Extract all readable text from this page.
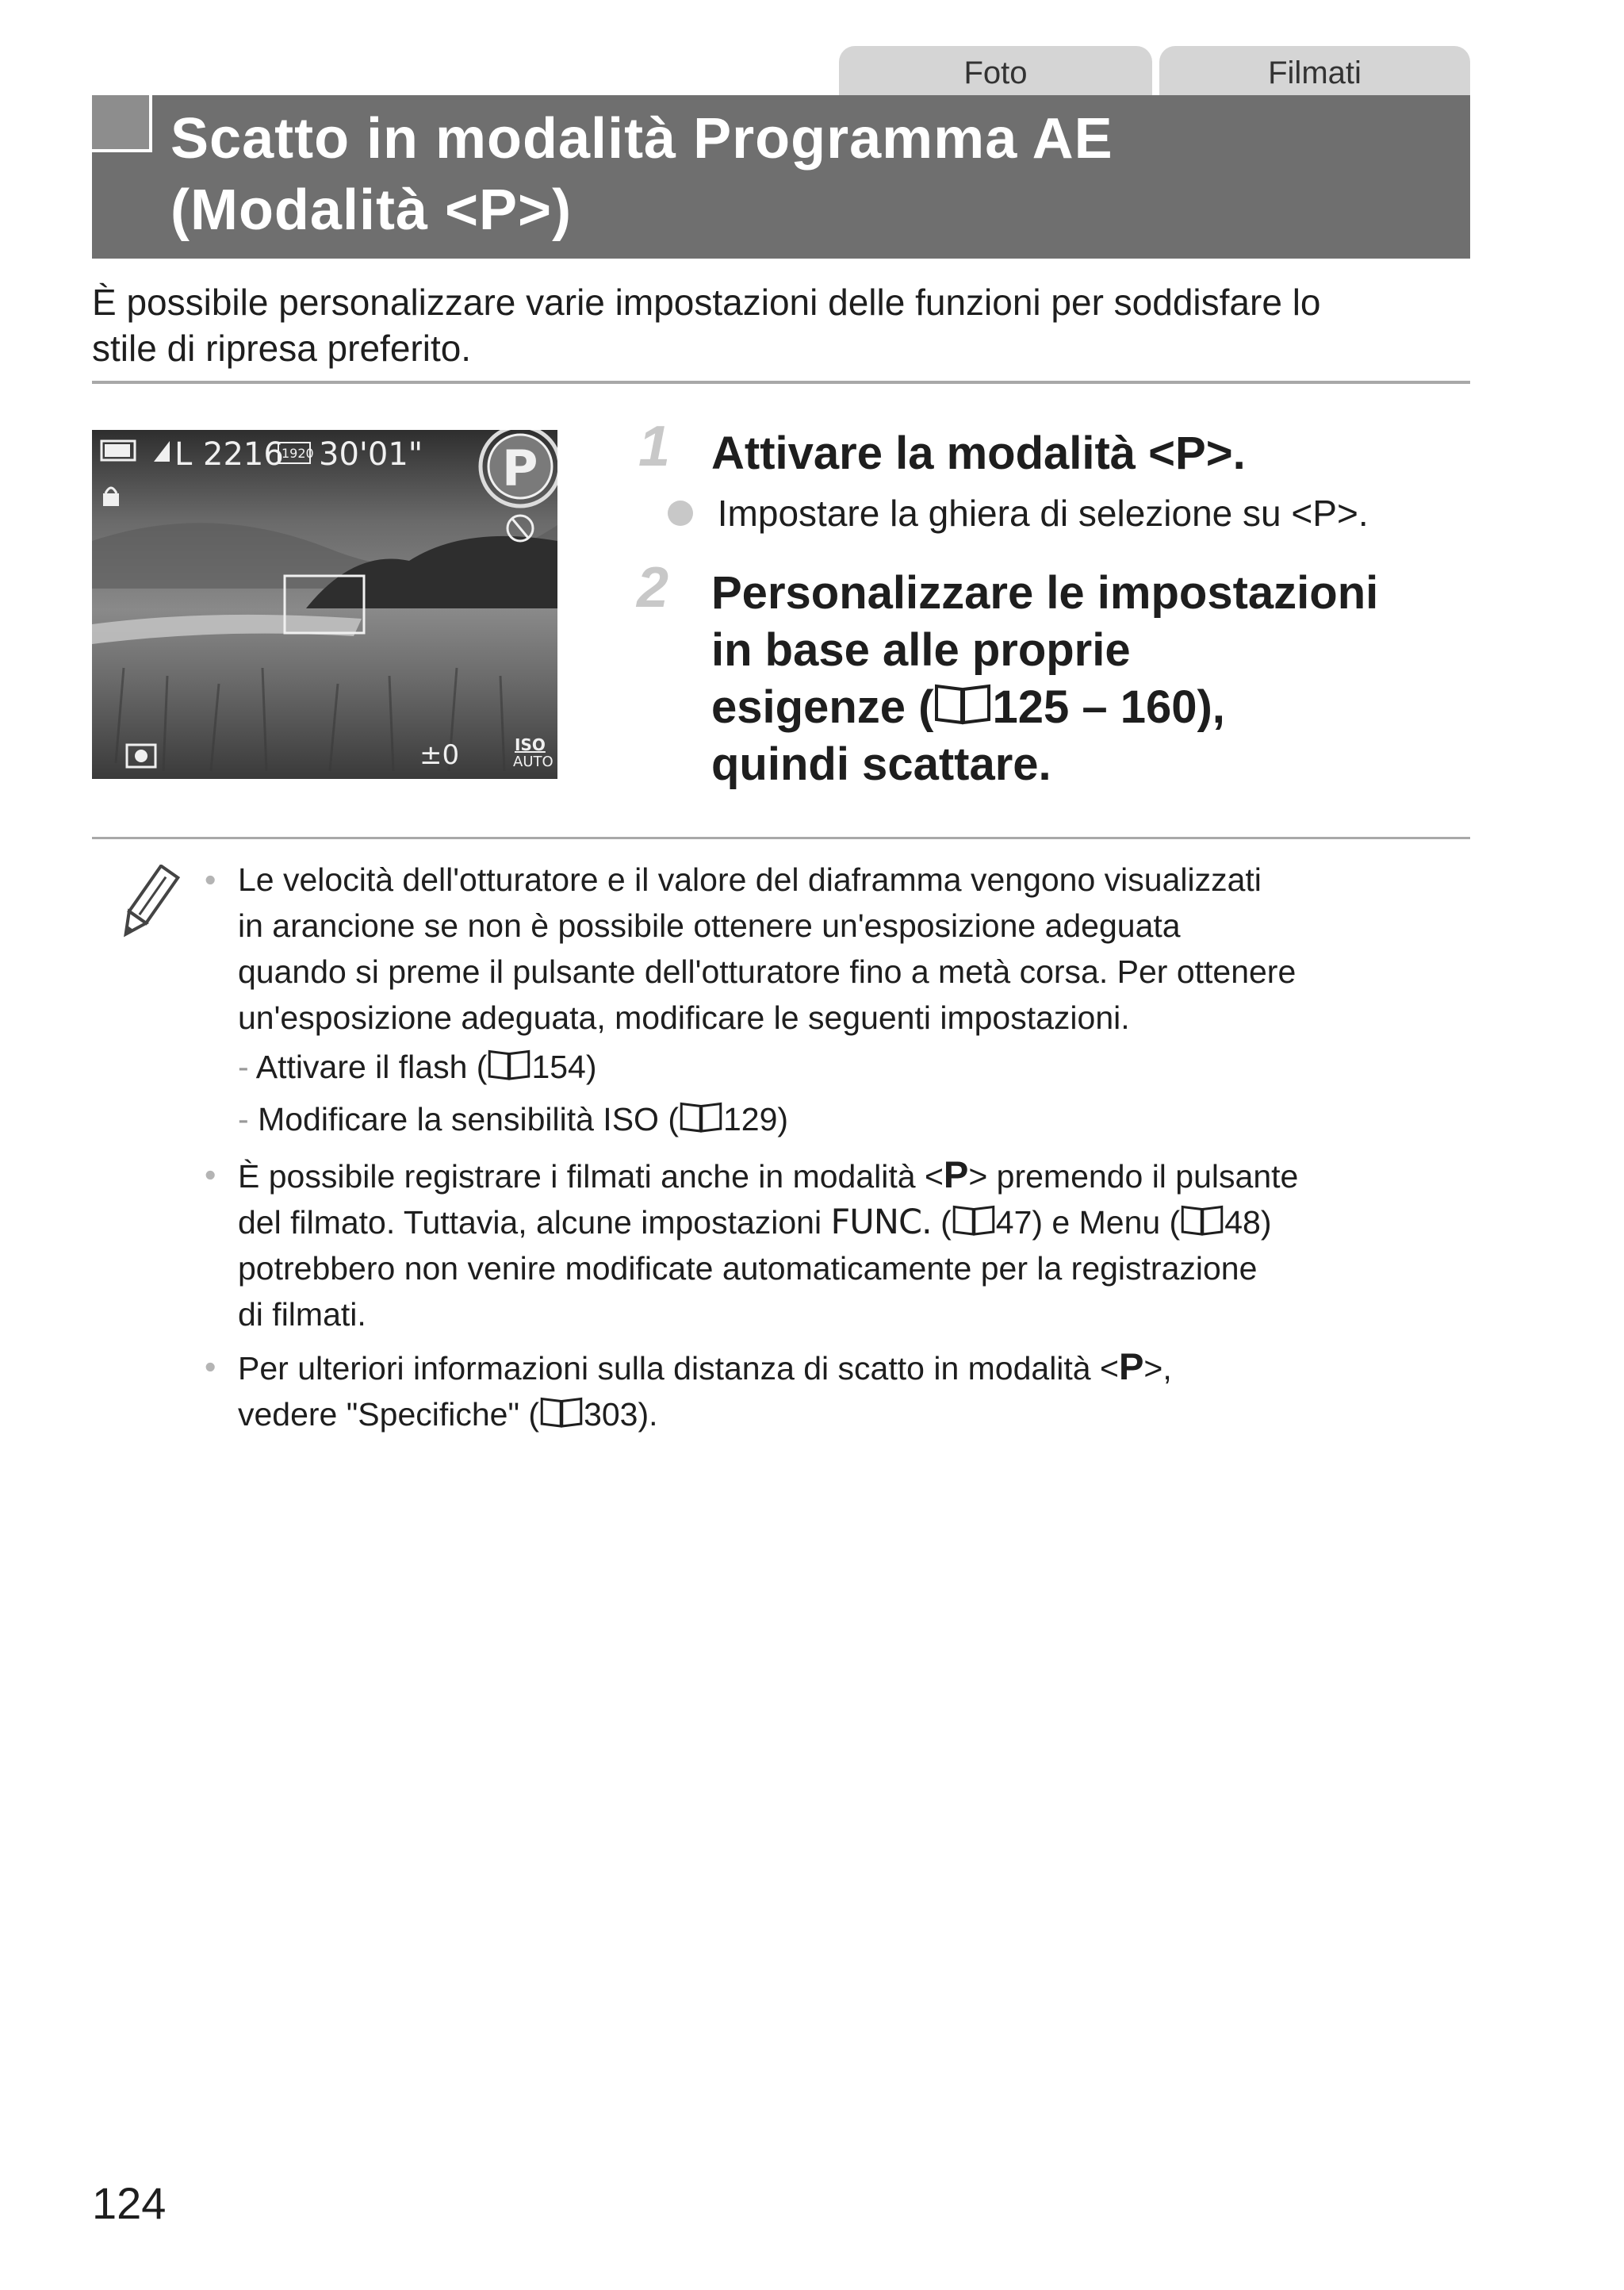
Foto	Filmati
Scatto in modalità Programma AE
(Modalità <P>)
È possibile personalizzare varie impostazioni delle funzioni per soddisfare lo
stile di ripresa preferito.
L 2216
1920 30'01" P
±0	ISO
AUTO
1 Attivare la modalità <P>.
Impostare la ghiera di selezione su <P>.
2 Personalizzare le impostazioni
in base alle proprie
esigenze ( 125 – 160),
quindi scattare.
• Le velocità dell'otturatore e il valore del diaframma vengono visualizzati
in arancione se non è possibile ottenere un'esposizione adeguata
quando si preme il pulsante dell'otturatore fino a metà corsa. Per ottenere
un'esposizione adeguata, modificare le seguenti impostazioni.
- Attivare il flash ( 154)
- Modificare la sensibilità ISO ( 129)
• È possibile registrare i filmati anche in modalità <P> premendo il pulsante
del filmato. Tuttavia, alcune impostazioni FUNC. ( 47) e Menu ( 48)
potrebbero non venire modificate automaticamente per la registrazione
di filmati.
• Per ulteriori informazioni sulla distanza di scatto in modalità <P>,
vedere "Specifiche" ( 303).
124
